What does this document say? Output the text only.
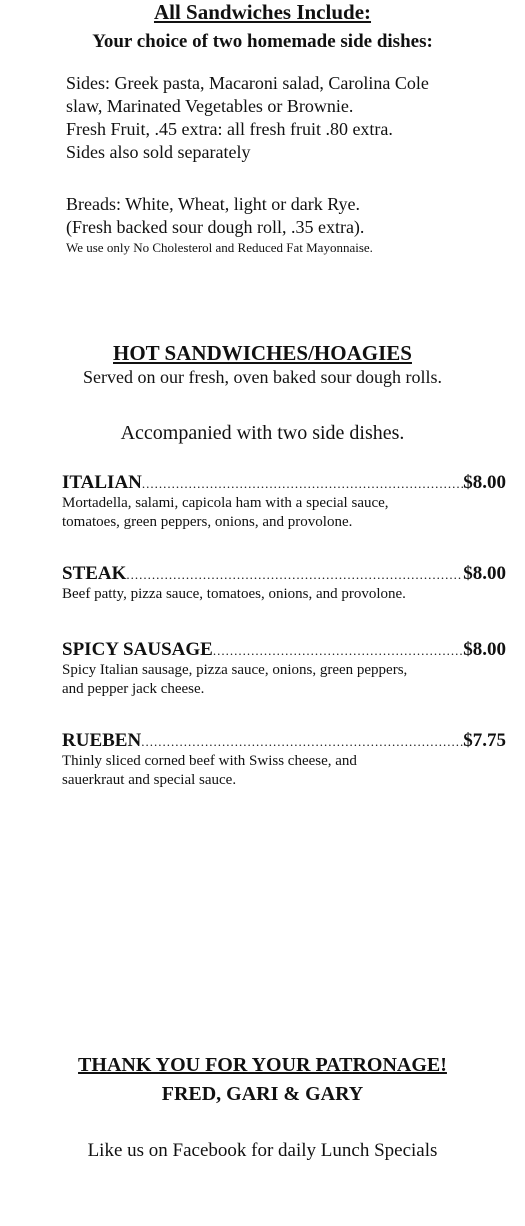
All Sandwiches Include:
Your choice of two homemade side dishes:
Sides: Greek pasta, Macaroni salad, Carolina Cole
slaw, Marinated Vegetables or Brownie.
Fresh Fruit, .45 extra: all fresh fruit .80 extra.
Sides also sold separately
Breads: White, Wheat, light or dark Rye.
(Fresh backed sour dough roll, .35 extra).
We use only No Cholesterol and Reduced Fat Mayonnaise.
HOT SANDWICHES/HOAGIES
Served on our fresh, oven baked sour dough rolls.
Accompanied with two side dishes.
ITALIAN .....	$8.00
Mortadella, salami, capicola ham with a special sauce,
tomatoes, green peppers, onions, and provolone.
STEAK .....	$8.00
Beef patty, pizza sauce, tomatoes, onions, and provolone.
SPICY SAUSAGE .....	$8.00
Spicy Italian sausage, pizza sauce, onions, green peppers,
and pepper jack cheese.
RUEBEN .....	$7.75
Thinly sliced corned beef with Swiss cheese, and
sauerkraut and special sauce.
THANK YOU FOR YOUR PATRONAGE!
FRED, GARI & GARY
Like us on Facebook for daily Lunch Specials
